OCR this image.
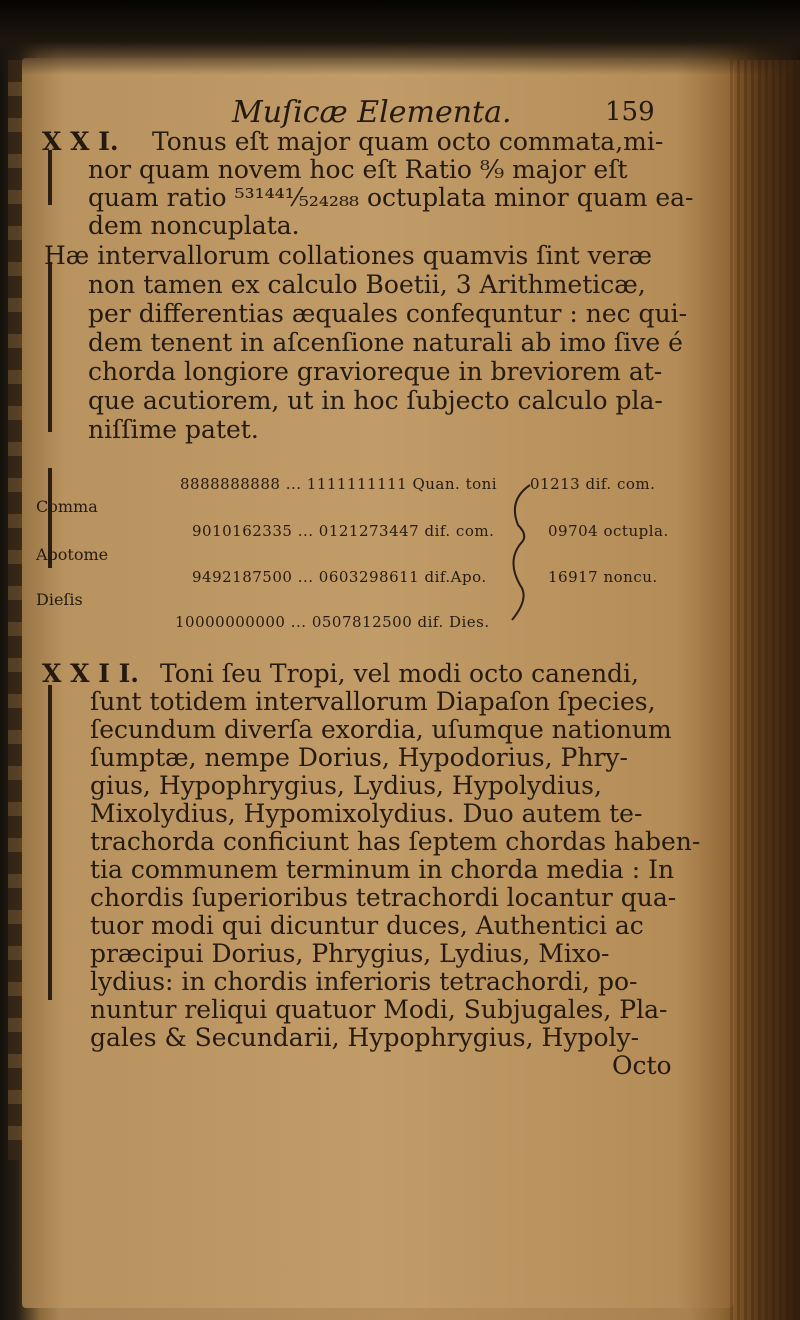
Muſicæ Elementa.	159
X X I. Tonus eſt major quam octo commata,mi-
nor quam novem hoc eſt Ratio ⁸⁄₉ major eſt
quam ratio ⁵³¹⁴⁴¹⁄₅₂₄₂₈₈ octuplata minor quam ea-
dem noncuplata.
Hæ intervallorum collationes quamvis ſint veræ
non tamen ex calculo Boetii, 3 Arithmeticæ,
per differentias æquales confequntur : nec qui-
dem tenent in aſcenſione naturali ab imo ſive é
chorda longiore gravioreque in breviorem at-
que acutiorem, ut in hoc ſubjecto calculo pla-
niſſime patet.
Comma
Apotome
Dieſis
8888888888 ... 1111111111 Quan. toni
9010162335 ... 0121273447 dif. com.
9492187500 ... 0603298611 dif.Apo.
10000000000 ... 0507812500 dif. Dies.
01213 dif. com.
09704 octupla.
16917 noncu.
X X I I. Toni ſeu Tropi, vel modi octo canendi,
ſunt totidem intervallorum Diapaſon ſpecies,
ſecundum diverſa exordia, uſumque nationum
ſumptæ, nempe Dorius, Hypodorius, Phry-
gius, Hypophrygius, Lydius, Hypolydius,
Mixolydius, Hypomixolydius. Duo autem te-
trachorda conficiunt has ſeptem chordas haben-
tia communem terminum in chorda media : In
chordis ſuperioribus tetrachordi locantur qua-
tuor modi qui dicuntur duces, Authentici ac
præcipui Dorius, Phrygius, Lydius, Mixo-
lydius: in chordis inferioris tetrachordi, po-
nuntur reliqui quatuor Modi, Subjugales, Pla-
gales & Secundarii, Hypophrygius, Hypoly-
Octo
